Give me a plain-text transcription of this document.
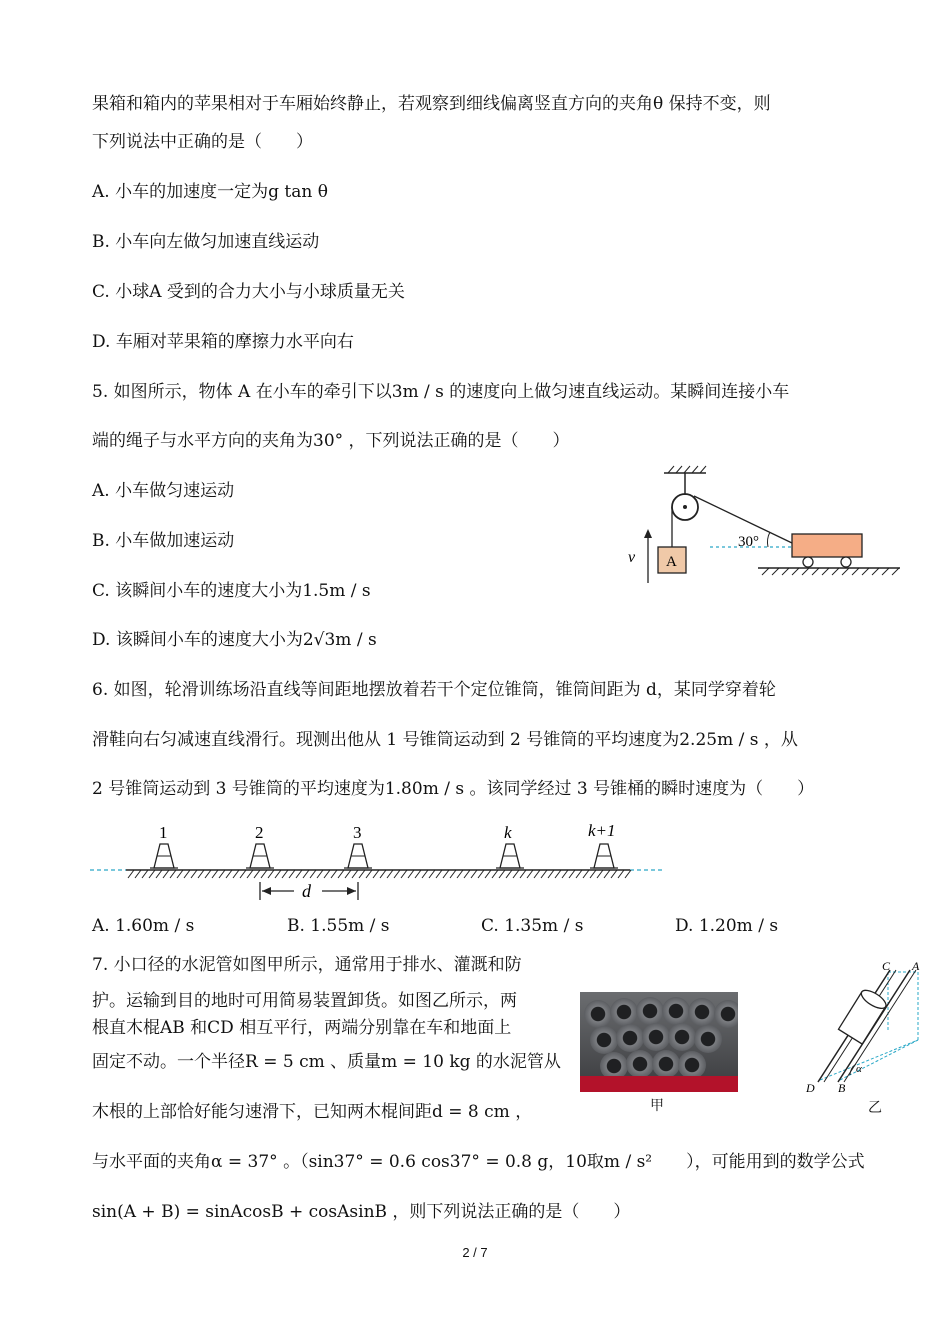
果箱和箱内的苹果相对于车厢始终静止，若观察到细线偏离竖直方向的夹角θ 保持不变，则
下列说法中正确的是（　　）
A. 小车的加速度一定为g tan θ
B. 小车向左做匀加速直线运动
C. 小球A 受到的合力大小与小球质量无关
D. 车厢对苹果箱的摩擦力水平向右
5. 如图所示，物体 A 在小车的牵引下以3m / s 的速度向上做匀速直线运动。某瞬间连接小车
端的绳子与水平方向的夹角为30° ，下列说法正确的是（　　）
A. 小车做匀速运动
B. 小车做加速运动
C. 该瞬间小车的速度大小为1.5m / s
D. 该瞬间小车的速度大小为2√3m / s
30°
A
v
6. 如图，轮滑训练场沿直线等间距地摆放着若干个定位锥筒，锥筒间距为 d，某同学穿着轮
滑鞋向右匀减速直线滑行。现测出他从 1 号锥筒运动到 2 号锥筒的平均速度为2.25m / s ，从
2 号锥筒运动到 3 号锥筒的平均速度为1.80m / s 。该同学经过 3 号锥桶的瞬时速度为（　　）
1	2	3	k	k+1
d
A. 1.60m / s	B. 1.55m / s	C. 1.35m / s	D. 1.20m / s
7. 小口径的水泥管如图甲所示，通常用于排水、灌溉和防
护。运输到目的地时可用简易装置卸货。如图乙所示，两
根直木棍AB 和CD 相互平行，两端分别靠在车和地面上
固定不动。一个半径R = 5 cm 、质量m = 10 kg 的水泥管从
木根的上部恰好能匀速滑下，已知两木棍间距d = 8 cm ，
与水平面的夹角α = 37° 。（sin37° = 0.6 cos37° = 0.8 g，10取m / s²　　），可能用到的数学公式
sin(A + B) = sinAcosB + cosAsinB ，则下列说法正确的是（　　）
甲
α
C A
D B
乙
2 / 7
